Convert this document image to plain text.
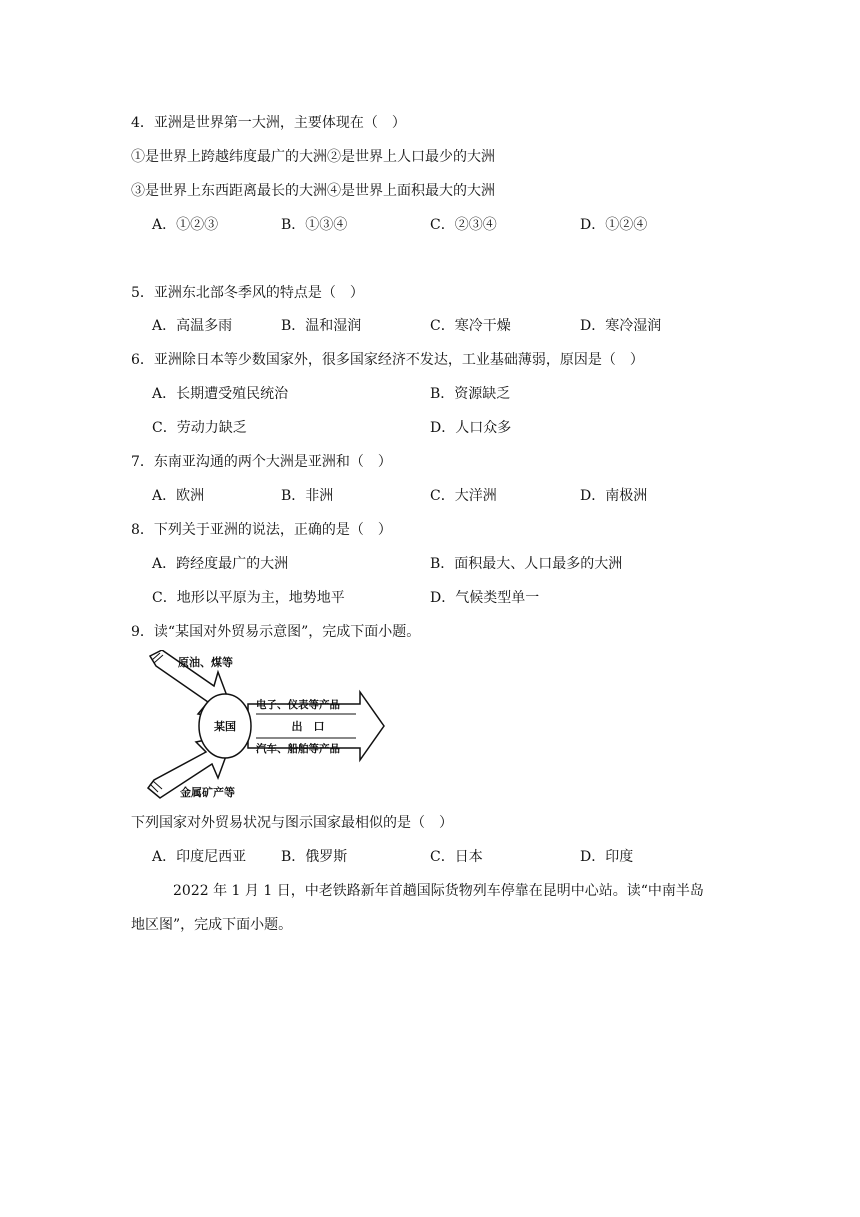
4．亚洲是世界第一大洲，主要体现在（　）
①是世界上跨越纬度最广的大洲②是世界上人口最少的大洲
③是世界上东西距离最长的大洲④是世界上面积最大的大洲
A．①②③	B．①③④	C．②③④	D．①②④
5．亚洲东北部冬季风的特点是（　）
A．高温多雨	B．温和湿润	C．寒冷干燥	D．寒冷湿润
6．亚洲除日本等少数国家外，很多国家经济不发达，工业基础薄弱，原因是（　）
A．长期遭受殖民统治	B．资源缺乏
C．劳动力缺乏	D．人口众多
7．东南亚沟通的两个大洲是亚洲和（　）
A．欧洲	B．非洲	C．大洋洲	D．南极洲
8．下列关于亚洲的说法，正确的是（　）
A．跨经度最广的大洲	B．面积最大、人口最多的大洲
C．地形以平原为主，地势地平	D．气候类型单一
9．读“某国对外贸易示意图”，完成下面小题。
某国
原油、煤等
金属矿产等
电子、仪表等产品
出　口
汽车、船舶等产品
下列国家对外贸易状况与图示国家最相似的是（　）
A．印度尼西亚 B．俄罗斯	C．日本	D．印度
2022 年 1 月 1 日，中老铁路新年首趟国际货物列车停靠在昆明中心站。读“中南半岛
地区图”，完成下面小题。
